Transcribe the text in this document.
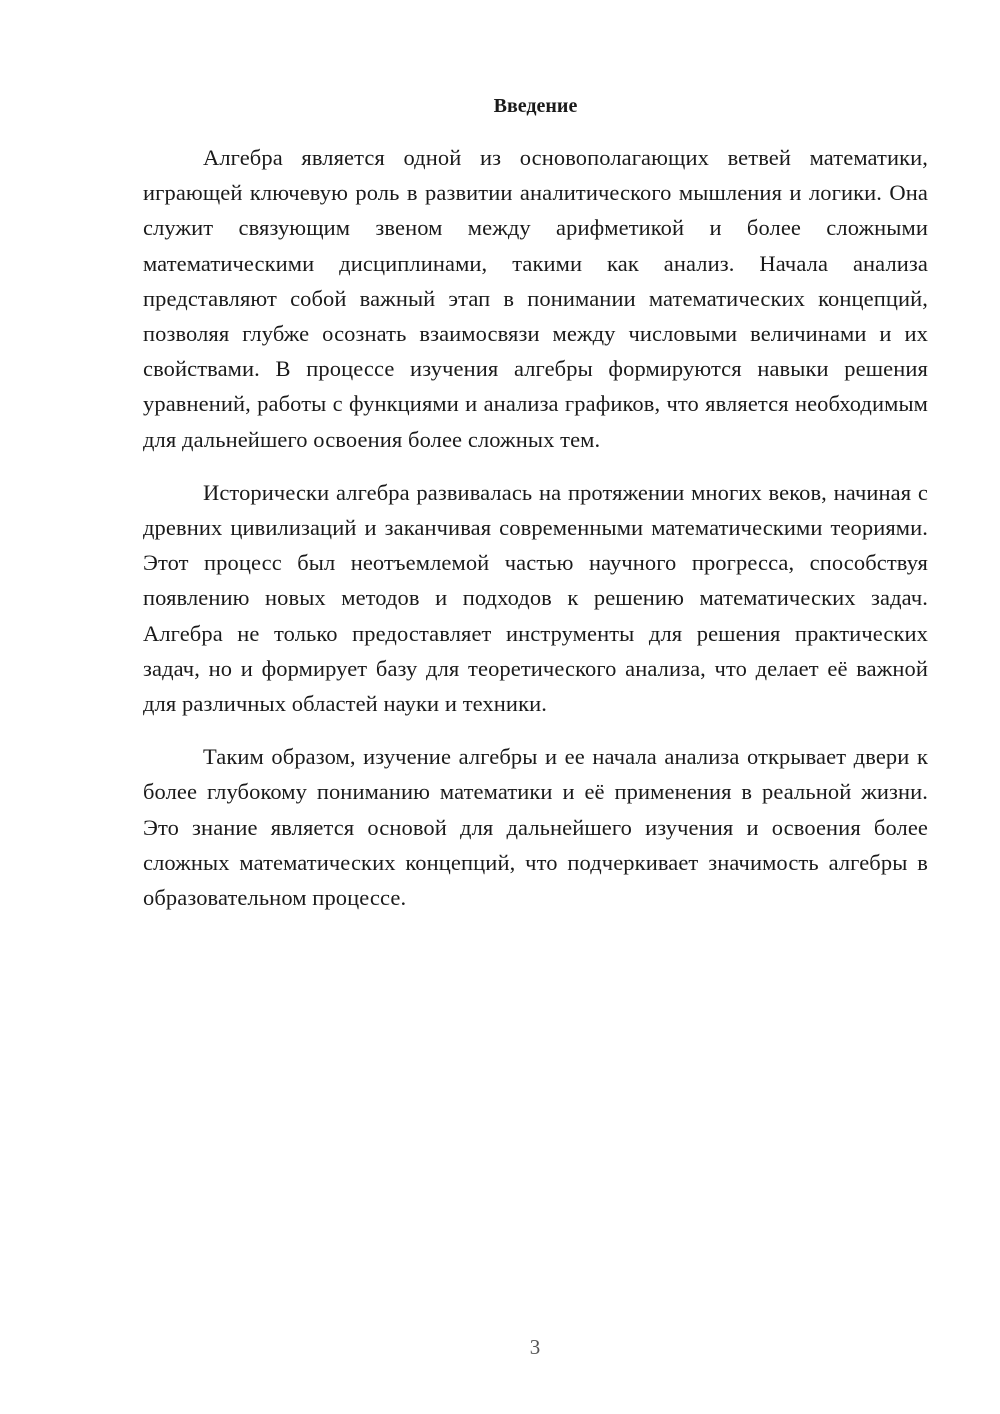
Введение

Алгебра является одной из основополагающих ветвей математики, играющей ключевую роль в развитии аналитического мышления и логики. Она служит связующим звеном между арифметикой и более сложными математическими дисциплинами, такими как анализ. Начала анализа представляют собой важный этап в понимании математических концепций, позволяя глубже осознать взаимосвязи между числовыми величинами и их свойствами. В процессе изучения алгебры формируются навыки решения уравнений, работы с функциями и анализа графиков, что является необходимым для дальнейшего освоения более сложных тем.

Исторически алгебра развивалась на протяжении многих веков, начиная с древних цивилизаций и заканчивая современными математическими теориями. Этот процесс был неотъемлемой частью научного прогресса, способствуя появлению новых методов и подходов к решению математических задач. Алгебра не только предоставляет инструменты для решения практических задач, но и формирует базу для теоретического анализа, что делает её важной для различных областей науки и техники.

Таким образом, изучение алгебры и ее начала анализа открывает двери к более глубокому пониманию математики и её применения в реальной жизни. Это знание является основой для дальнейшего изучения и освоения более сложных математических концепций, что подчеркивает значимость алгебры в образовательном процессе.

3
